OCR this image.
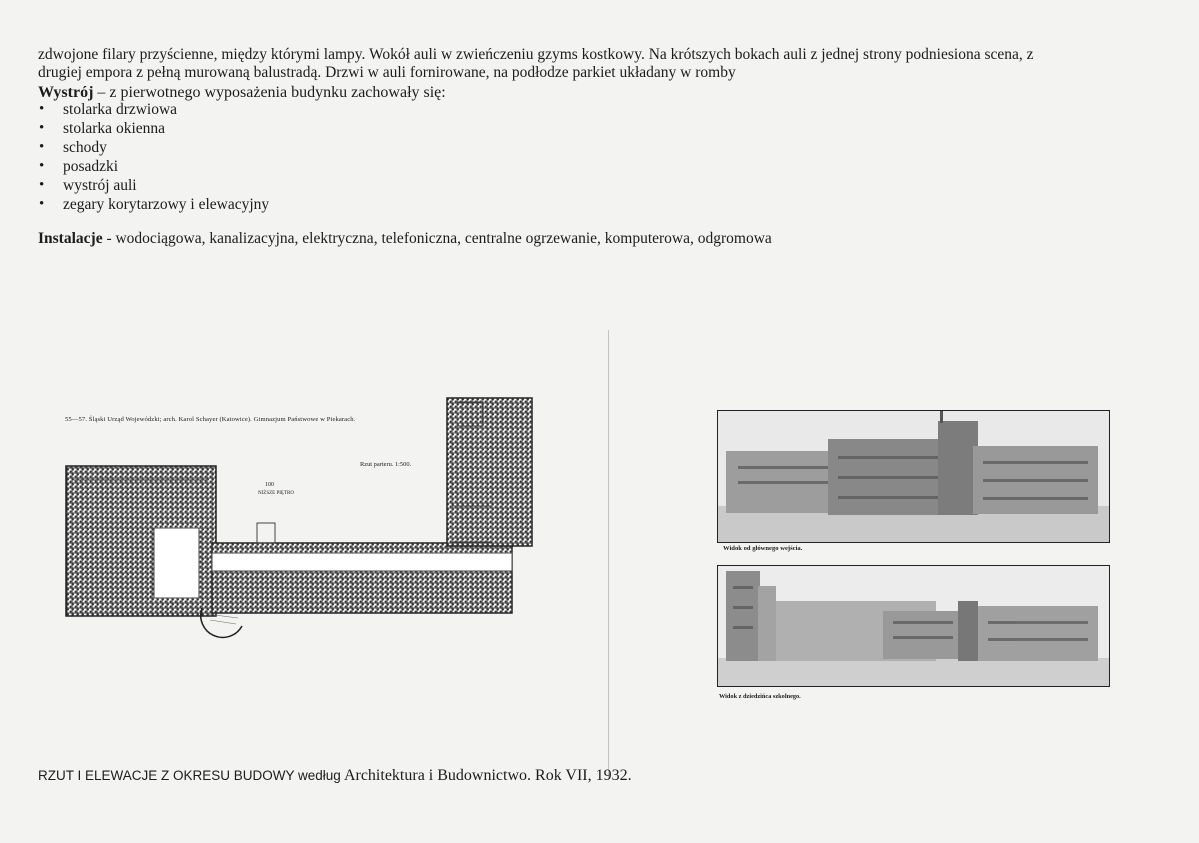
zdwojone filary przyścienne, między którymi lampy. Wokół auli w zwieńczeniu gzyms kostkowy. Na krótszych bokach auli z jednej strony podniesiona scena, z
drugiej empora z pełną murowaną balustradą. Drzwi w auli fornirowane, na podłodze parkiet układany w romby
Wystrój – z pierwotnego wyposażenia budynku zachowały się:
• stolarka drzwiowa
• stolarka okienna
• schody
• posadzki
• wystrój auli
• zegary korytarzowy i elewacyjny
Instalacje - wodociągowa, kanalizacyjna, elektryczna, telefoniczna, centralne ogrzewanie, komputerowa, odgromowa
55—57. Śląski Urząd Wojewódzki; arch. Karol Schayer (Katowice). Gimnazjum Państwowe w Piekarach.
Rzut parteru. 1:500.
100
NIŻSZE PIĘTRO
Widok od głównego wejścia.
Widok z dziedzińca szkolnego.
RZUT I ELEWACJE Z OKRESU BUDOWY według Architektura i Budownictwo. Rok VII, 1932.
